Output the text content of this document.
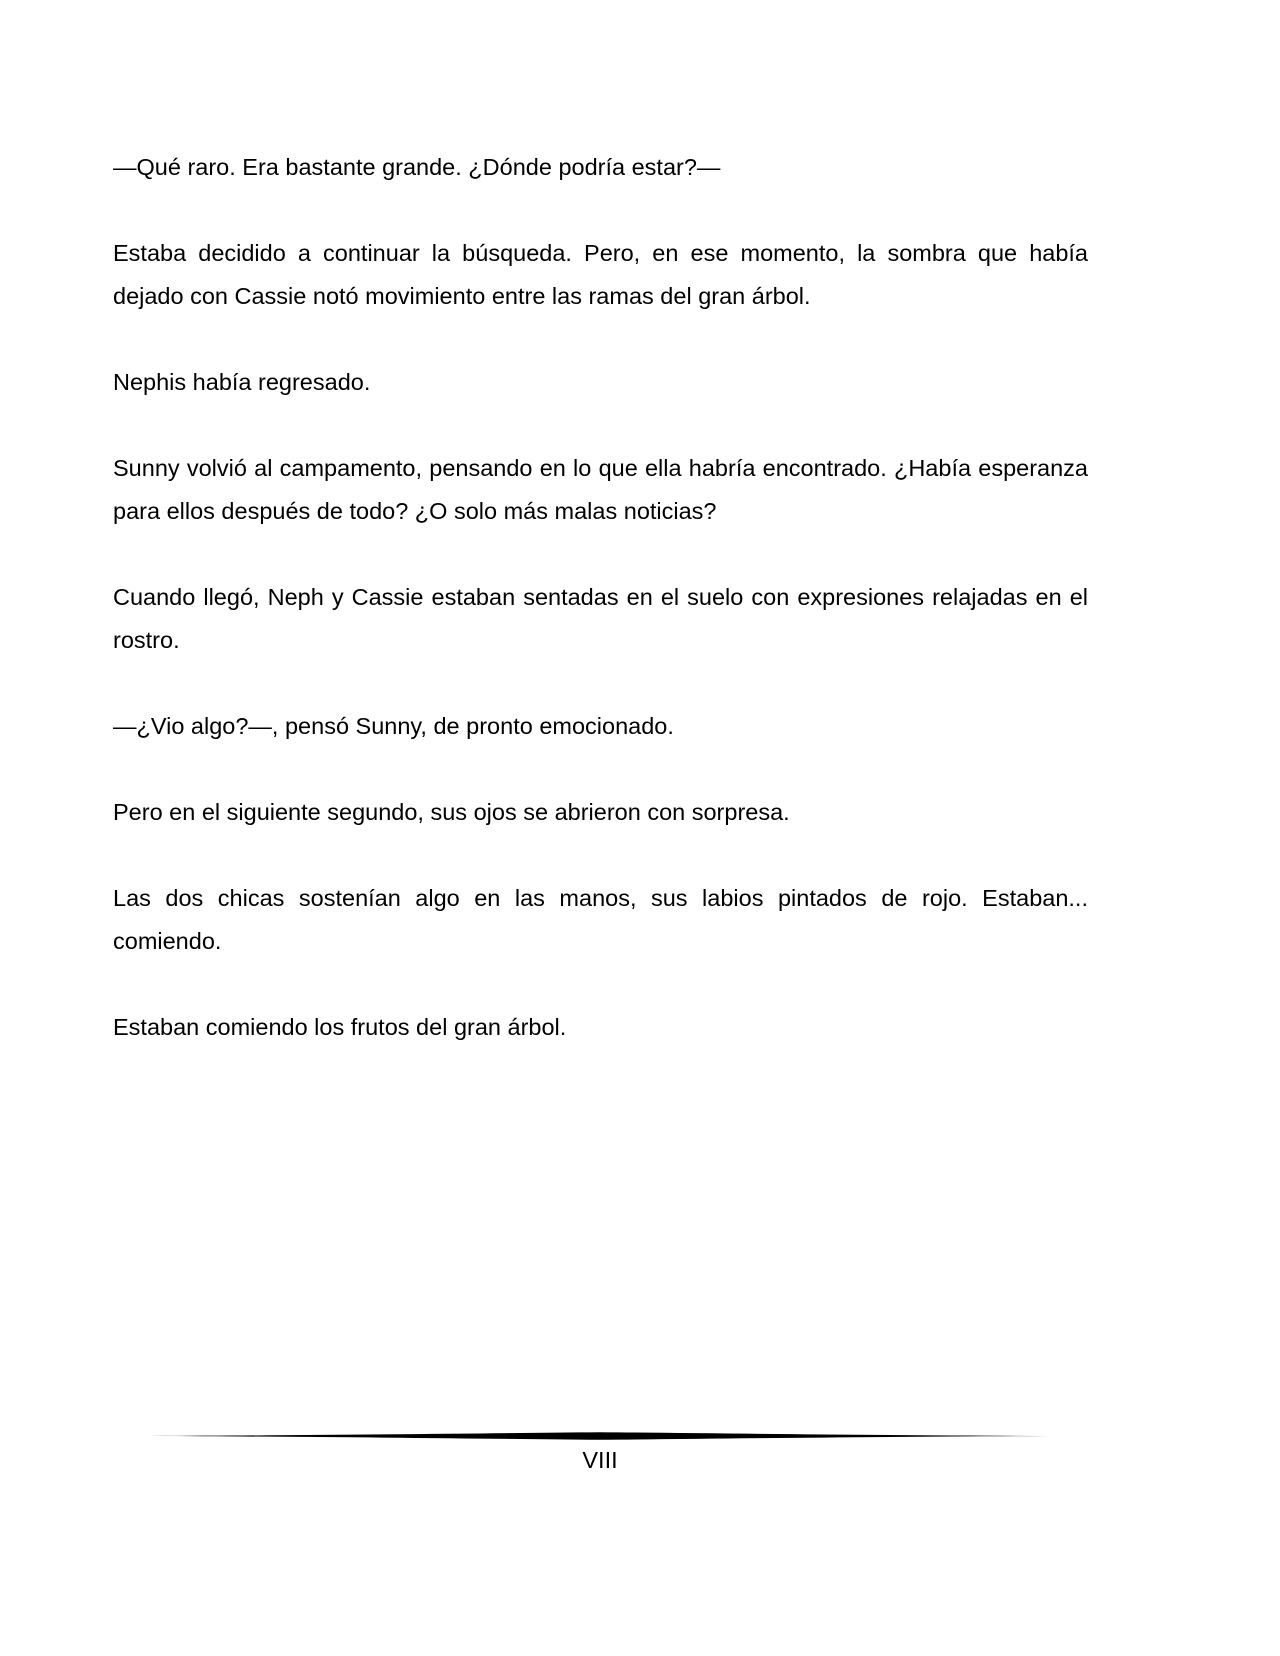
—Qué raro. Era bastante grande. ¿Dónde podría estar?—

Estaba decidido a continuar la búsqueda. Pero, en ese momento, la sombra que había dejado con Cassie notó movimiento entre las ramas del gran árbol.

Nephis había regresado.

Sunny volvió al campamento, pensando en lo que ella habría encontrado. ¿Había esperanza para ellos después de todo? ¿O solo más malas noticias?

Cuando llegó, Neph y Cassie estaban sentadas en el suelo con expresiones relajadas en el rostro.

—¿Vio algo?—, pensó Sunny, de pronto emocionado.

Pero en el siguiente segundo, sus ojos se abrieron con sorpresa.

Las dos chicas sostenían algo en las manos, sus labios pintados de rojo. Estaban... comiendo.

Estaban comiendo los frutos del gran árbol.

VIII
